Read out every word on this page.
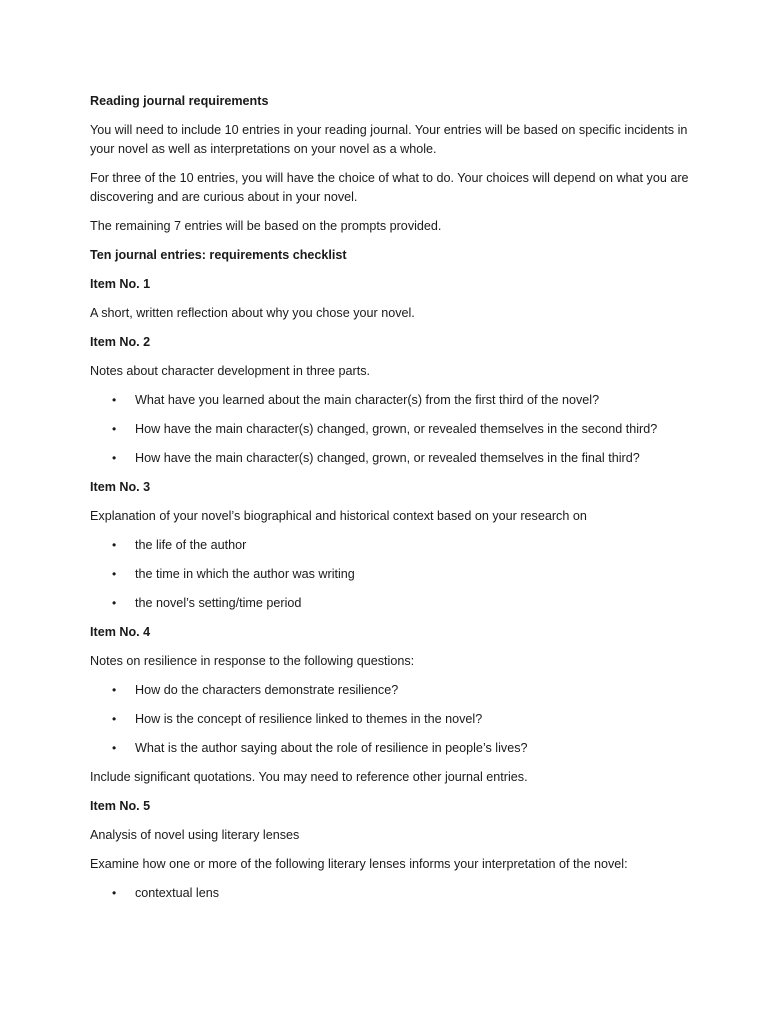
Reading journal requirements

You will need to include 10 entries in your reading journal. Your entries will be based on specific incidents in your novel as well as interpretations on your novel as a whole.

For three of the 10 entries, you will have the choice of what to do. Your choices will depend on what you are discovering and are curious about in your novel.

The remaining 7 entries will be based on the prompts provided.

Ten journal entries: requirements checklist

Item No. 1

A short, written reflection about why you chose your novel.

Item No. 2

Notes about character development in three parts.

• What have you learned about the main character(s) from the first third of the novel?
• How have the main character(s) changed, grown, or revealed themselves in the second third?
• How have the main character(s) changed, grown, or revealed themselves in the final third?

Item No. 3

Explanation of your novel’s biographical and historical context based on your research on

• the life of the author
• the time in which the author was writing
• the novel’s setting/time period

Item No. 4

Notes on resilience in response to the following questions:

• How do the characters demonstrate resilience?
• How is the concept of resilience linked to themes in the novel?
• What is the author saying about the role of resilience in people’s lives?

Include significant quotations. You may need to reference other journal entries.

Item No. 5

Analysis of novel using literary lenses

Examine how one or more of the following literary lenses informs your interpretation of the novel:

• contextual lens
